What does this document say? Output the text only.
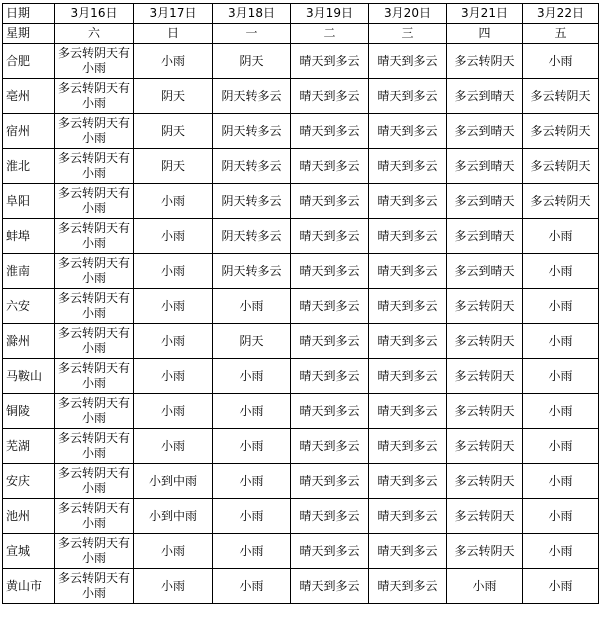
日期	3月16日	3月17日	3月18日	3月19日	3月20日	3月21日	3月22日
星期	六	日	一	二	三	四	五
合肥	多云转阴天有小雨	小雨	阴天	晴天到多云	晴天到多云	多云转阴天	小雨
亳州	多云转阴天有小雨	阴天	阴天转多云	晴天到多云	晴天到多云	多云到晴天	多云转阴天
宿州	多云转阴天有小雨	阴天	阴天转多云	晴天到多云	晴天到多云	多云到晴天	多云转阴天
淮北	多云转阴天有小雨	阴天	阴天转多云	晴天到多云	晴天到多云	多云到晴天	多云转阴天
阜阳	多云转阴天有小雨	小雨	阴天转多云	晴天到多云	晴天到多云	多云到晴天	多云转阴天
蚌埠	多云转阴天有小雨	小雨	阴天转多云	晴天到多云	晴天到多云	多云到晴天	小雨
淮南	多云转阴天有小雨	小雨	阴天转多云	晴天到多云	晴天到多云	多云到晴天	小雨
六安	多云转阴天有小雨	小雨	小雨	晴天到多云	晴天到多云	多云转阴天	小雨
滁州	多云转阴天有小雨	小雨	阴天	晴天到多云	晴天到多云	多云转阴天	小雨
马鞍山	多云转阴天有小雨	小雨	小雨	晴天到多云	晴天到多云	多云转阴天	小雨
铜陵	多云转阴天有小雨	小雨	小雨	晴天到多云	晴天到多云	多云转阴天	小雨
芜湖	多云转阴天有小雨	小雨	小雨	晴天到多云	晴天到多云	多云转阴天	小雨
安庆	多云转阴天有小雨	小到中雨	小雨	晴天到多云	晴天到多云	多云转阴天	小雨
池州	多云转阴天有小雨	小到中雨	小雨	晴天到多云	晴天到多云	多云转阴天	小雨
宣城	多云转阴天有小雨	小雨	小雨	晴天到多云	晴天到多云	多云转阴天	小雨
黄山市	多云转阴天有小雨	小雨	小雨	晴天到多云	晴天到多云	小雨	小雨
